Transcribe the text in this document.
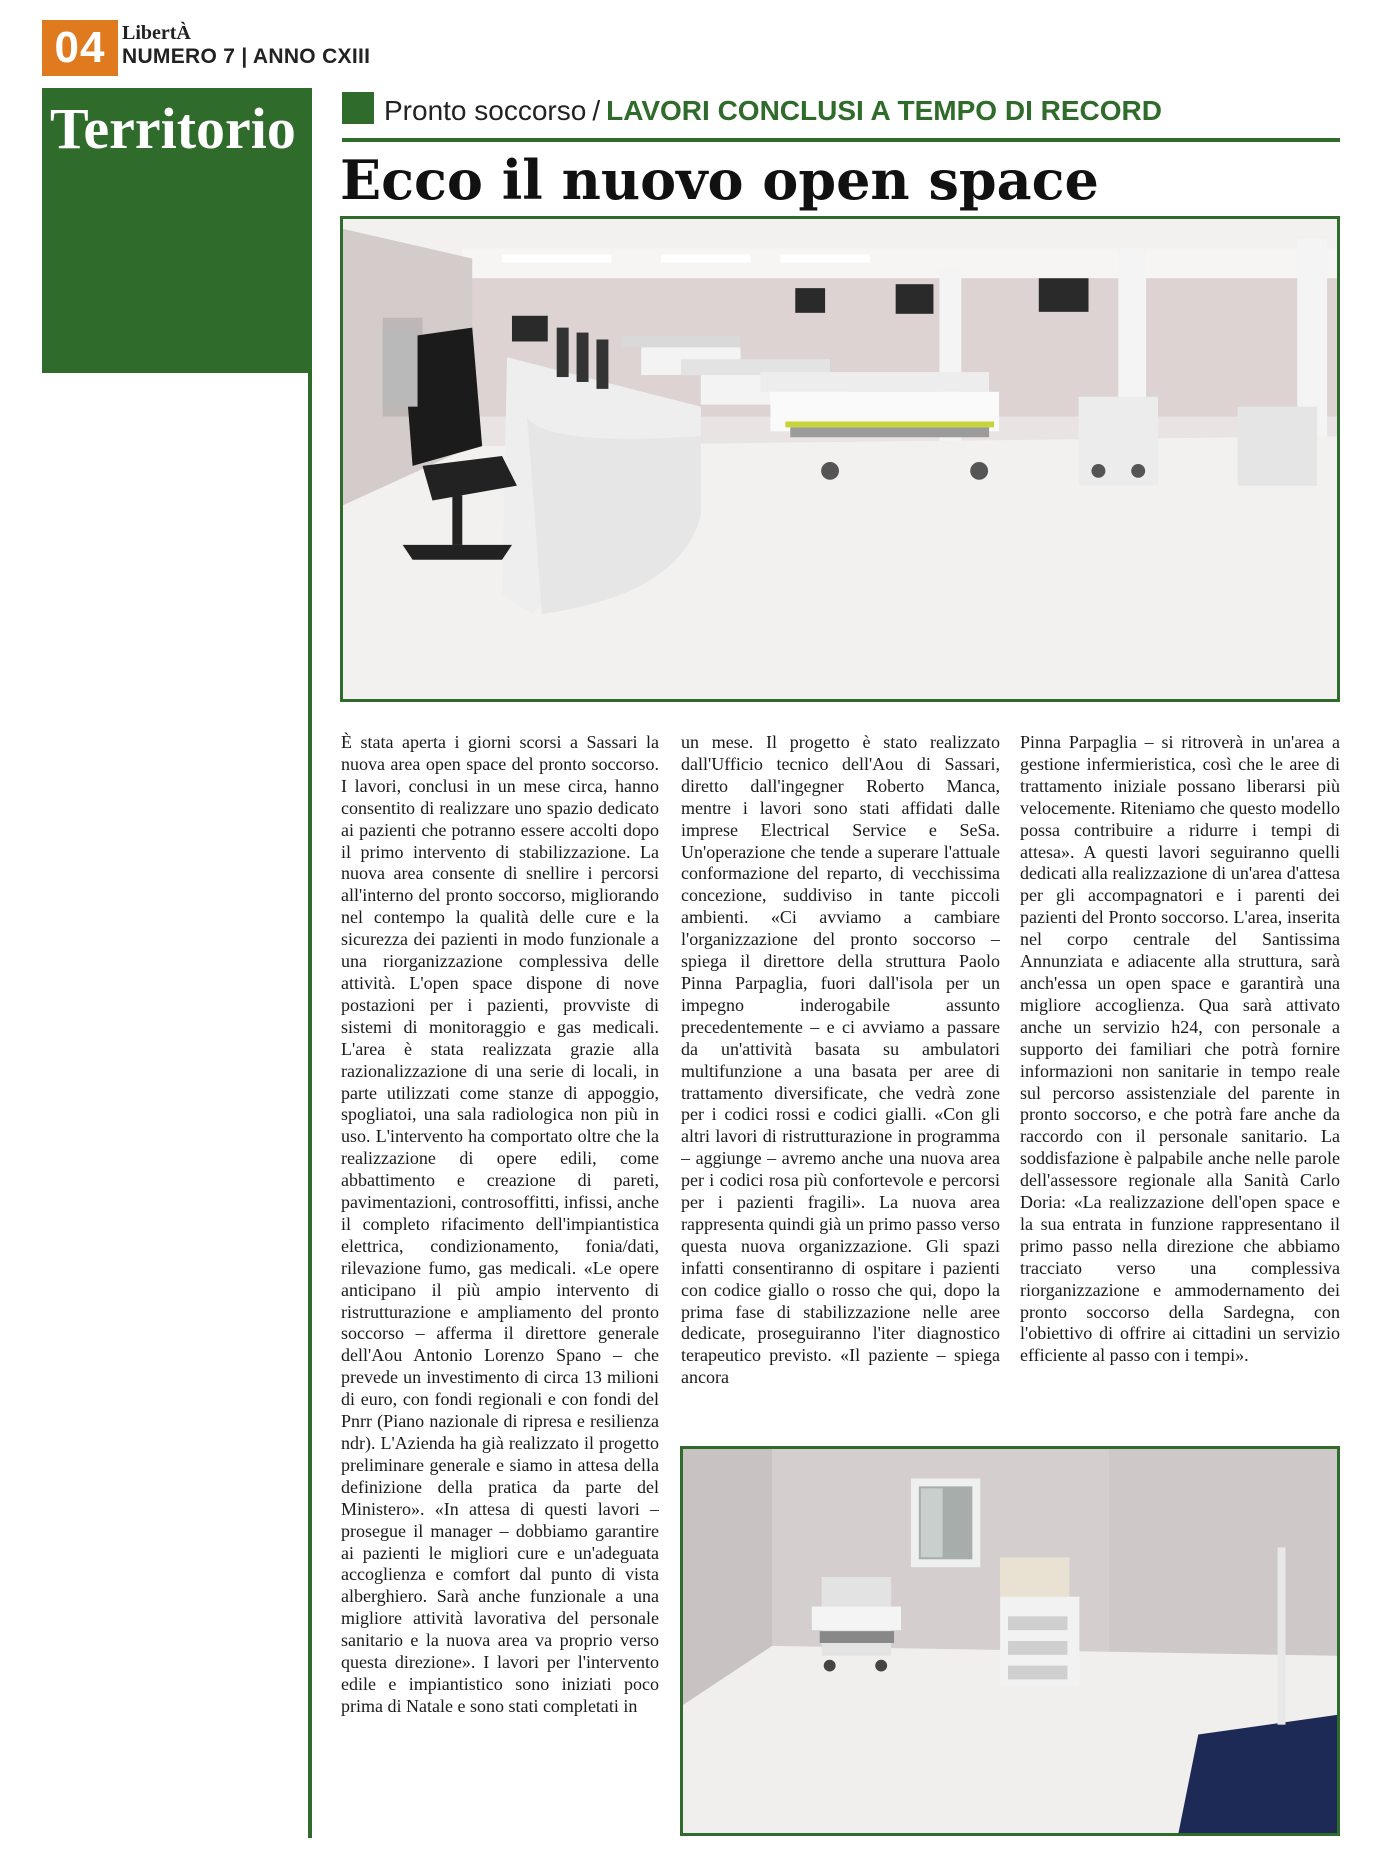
04 LibertÀ
NUMERO 7 | ANNO CXIII
Territorio	Pronto soccorso / LAVORI CONCLUSI A TEMPO DI RECORD
Ecco il nuovo open space
È stata aperta i giorni scorsi a Sassari la nuova area open space del pronto soccorso. I lavori, conclusi in un mese circa, hanno consentito di realizzare uno spazio dedicato ai pazienti che potranno essere accolti dopo il primo intervento di stabilizzazione. La nuova area consente di snellire i percorsi all'interno del pronto soccorso, migliorando nel contempo la qualità delle cure e la sicurezza dei pazienti in modo funzionale a una riorganizzazione complessiva delle attività. L'open space dispone di nove postazioni per i pazienti, provviste di sistemi di monitoraggio e gas medicali. L'area è stata realizzata grazie alla razionalizzazione di una serie di locali, in parte utilizzati come stanze di appoggio, spogliatoi, una sala radiologica non più in uso. L'intervento ha comportato oltre che la realizzazione di opere edili, come abbattimento e creazione di pareti, pavimentazioni, controsoffitti, infissi, anche il completo rifacimento dell'impiantistica elettrica, condizionamento, fonia/dati, rilevazione fumo, gas medicali. «Le opere anticipano il più ampio intervento di ristrutturazione e ampliamento del pronto soccorso – afferma il direttore generale dell'Aou Antonio Lorenzo Spano – che prevede un investimento di circa 13 milioni di euro, con fondi regionali e con fondi del Pnrr (Piano nazionale di ripresa e resilienza ndr). L'Azienda ha già realizzato il progetto preliminare generale e siamo in attesa della definizione della pratica da parte del Ministero». «In attesa di questi lavori – prosegue il manager – dobbiamo garantire ai pazienti le migliori cure e un'adeguata accoglienza e comfort dal punto di vista alberghiero. Sarà anche funzionale a una migliore attività lavorativa del personale sanitario e la nuova area va proprio verso questa direzione». I lavori per l'intervento edile e impiantistico sono iniziati poco prima di Natale e sono stati completati in
un mese. Il progetto è stato realizzato dall'Ufficio tecnico dell'Aou di Sassari, diretto dall'ingegner Roberto Manca, mentre i lavori sono stati affidati dalle imprese Electrical Service e SeSa. Un'operazione che tende a superare l'attuale conformazione del reparto, di vecchissima concezione, suddiviso in tante piccoli ambienti. «Ci avviamo a cambiare l'organizzazione del pronto soccorso – spiega il direttore della struttura Paolo Pinna Parpaglia, fuori dall'isola per un impegno inderogabile assunto precedentemente – e ci avviamo a passare da un'attività basata su ambulatori multifunzione a una basata per aree di trattamento diversificate, che vedrà zone per i codici rossi e codici gialli. «Con gli altri lavori di ristrutturazione in programma – aggiunge – avremo anche una nuova area per i codici rosa più confortevole e percorsi per i pazienti fragili». La nuova area rappresenta quindi già un primo passo verso questa nuova organizzazione. Gli spazi infatti consentiranno di ospitare i pazienti con codice giallo o rosso che qui, dopo la prima fase di stabilizzazione nelle aree dedicate, proseguiranno l'iter diagnostico terapeutico previsto. «Il paziente – spiega ancora
Pinna Parpaglia – si ritroverà in un'area a gestione infermieristica, così che le aree di trattamento iniziale possano liberarsi più velocemente. Riteniamo che questo modello possa contribuire a ridurre i tempi di attesa». A questi lavori seguiranno quelli dedicati alla realizzazione di un'area d'attesa per gli accompagnatori e i parenti dei pazienti del Pronto soccorso. L'area, inserita nel corpo centrale del Santissima Annunziata e adiacente alla struttura, sarà anch'essa un open space e garantirà una migliore accoglienza. Qua sarà attivato anche un servizio h24, con personale a supporto dei familiari che potrà fornire informazioni non sanitarie in tempo reale sul percorso assistenziale del parente in pronto soccorso, e che potrà fare anche da raccordo con il personale sanitario. La soddisfazione è palpabile anche nelle parole dell'assessore regionale alla Sanità Carlo Doria: «La realizzazione dell'open space e la sua entrata in funzione rappresentano il primo passo nella direzione che abbiamo tracciato verso una complessiva riorganizzazione e ammodernamento dei pronto soccorso della Sardegna, con l'obiettivo di offrire ai cittadini un servizio efficiente al passo con i tempi».
